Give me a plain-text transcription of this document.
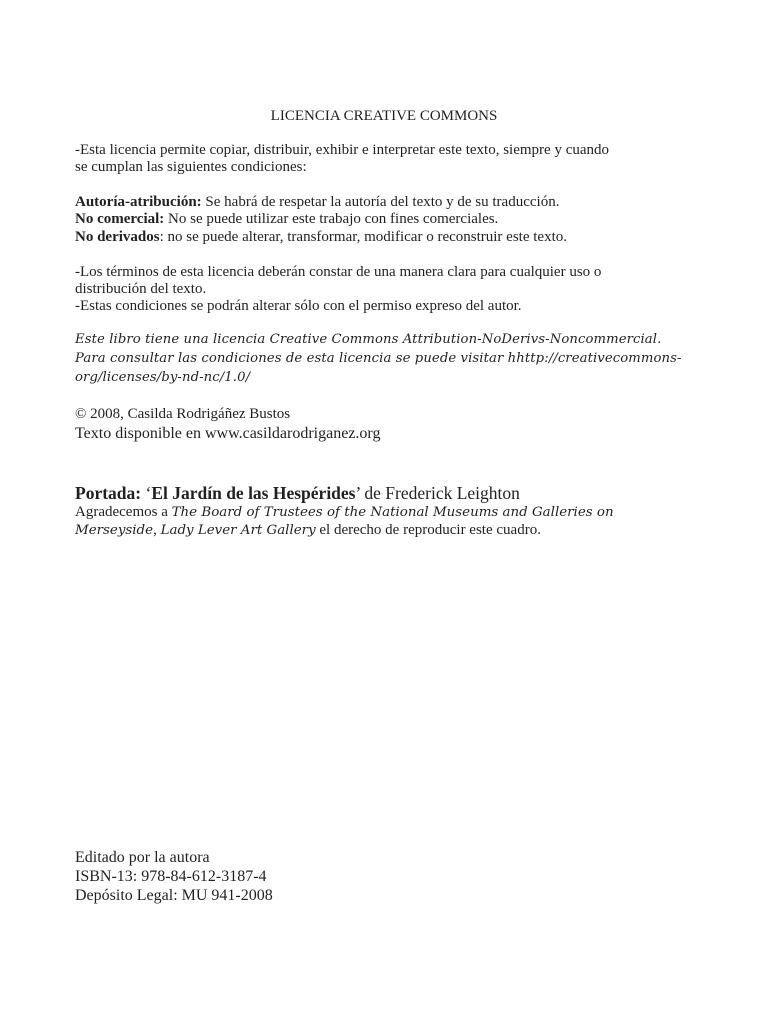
LICENCIA CREATIVE COMMONS
-Esta licencia permite copiar, distribuir, exhibir e interpretar este texto, siempre y cuando
se cumplan las siguientes condiciones:
Autoría-atribución: Se habrá de respetar la autoría del texto y de su traducción.
No comercial: No se puede utilizar este trabajo con fines comerciales.
No derivados: no se puede alterar, transformar, modificar o reconstruir este texto.
-Los términos de esta licencia deberán constar de una manera clara para cualquier uso o
distribución del texto.
-Estas condiciones se podrán alterar sólo con el permiso expreso del autor.
Este libro tiene una licencia Creative Commons Attribution-NoDerivs-Noncommercial.
Para consultar las condiciones de esta licencia se puede visitar hhttp://creativecommons-
org/licenses/by-nd-nc/1.0/
© 2008, Casilda Rodrigáñez Bustos
Texto disponible en www.casildarodriganez.org
Portada: ‘El Jardín de las Hespérides’ de Frederick Leighton
Agradecemos a The Board of Trustees of the National Museums and Galleries on
Merseyside, Lady Lever Art Gallery el derecho de reproducir este cuadro.
Editado por la autora
ISBN-13: 978-84-612-3187-4
Depósito Legal: MU 941-2008
